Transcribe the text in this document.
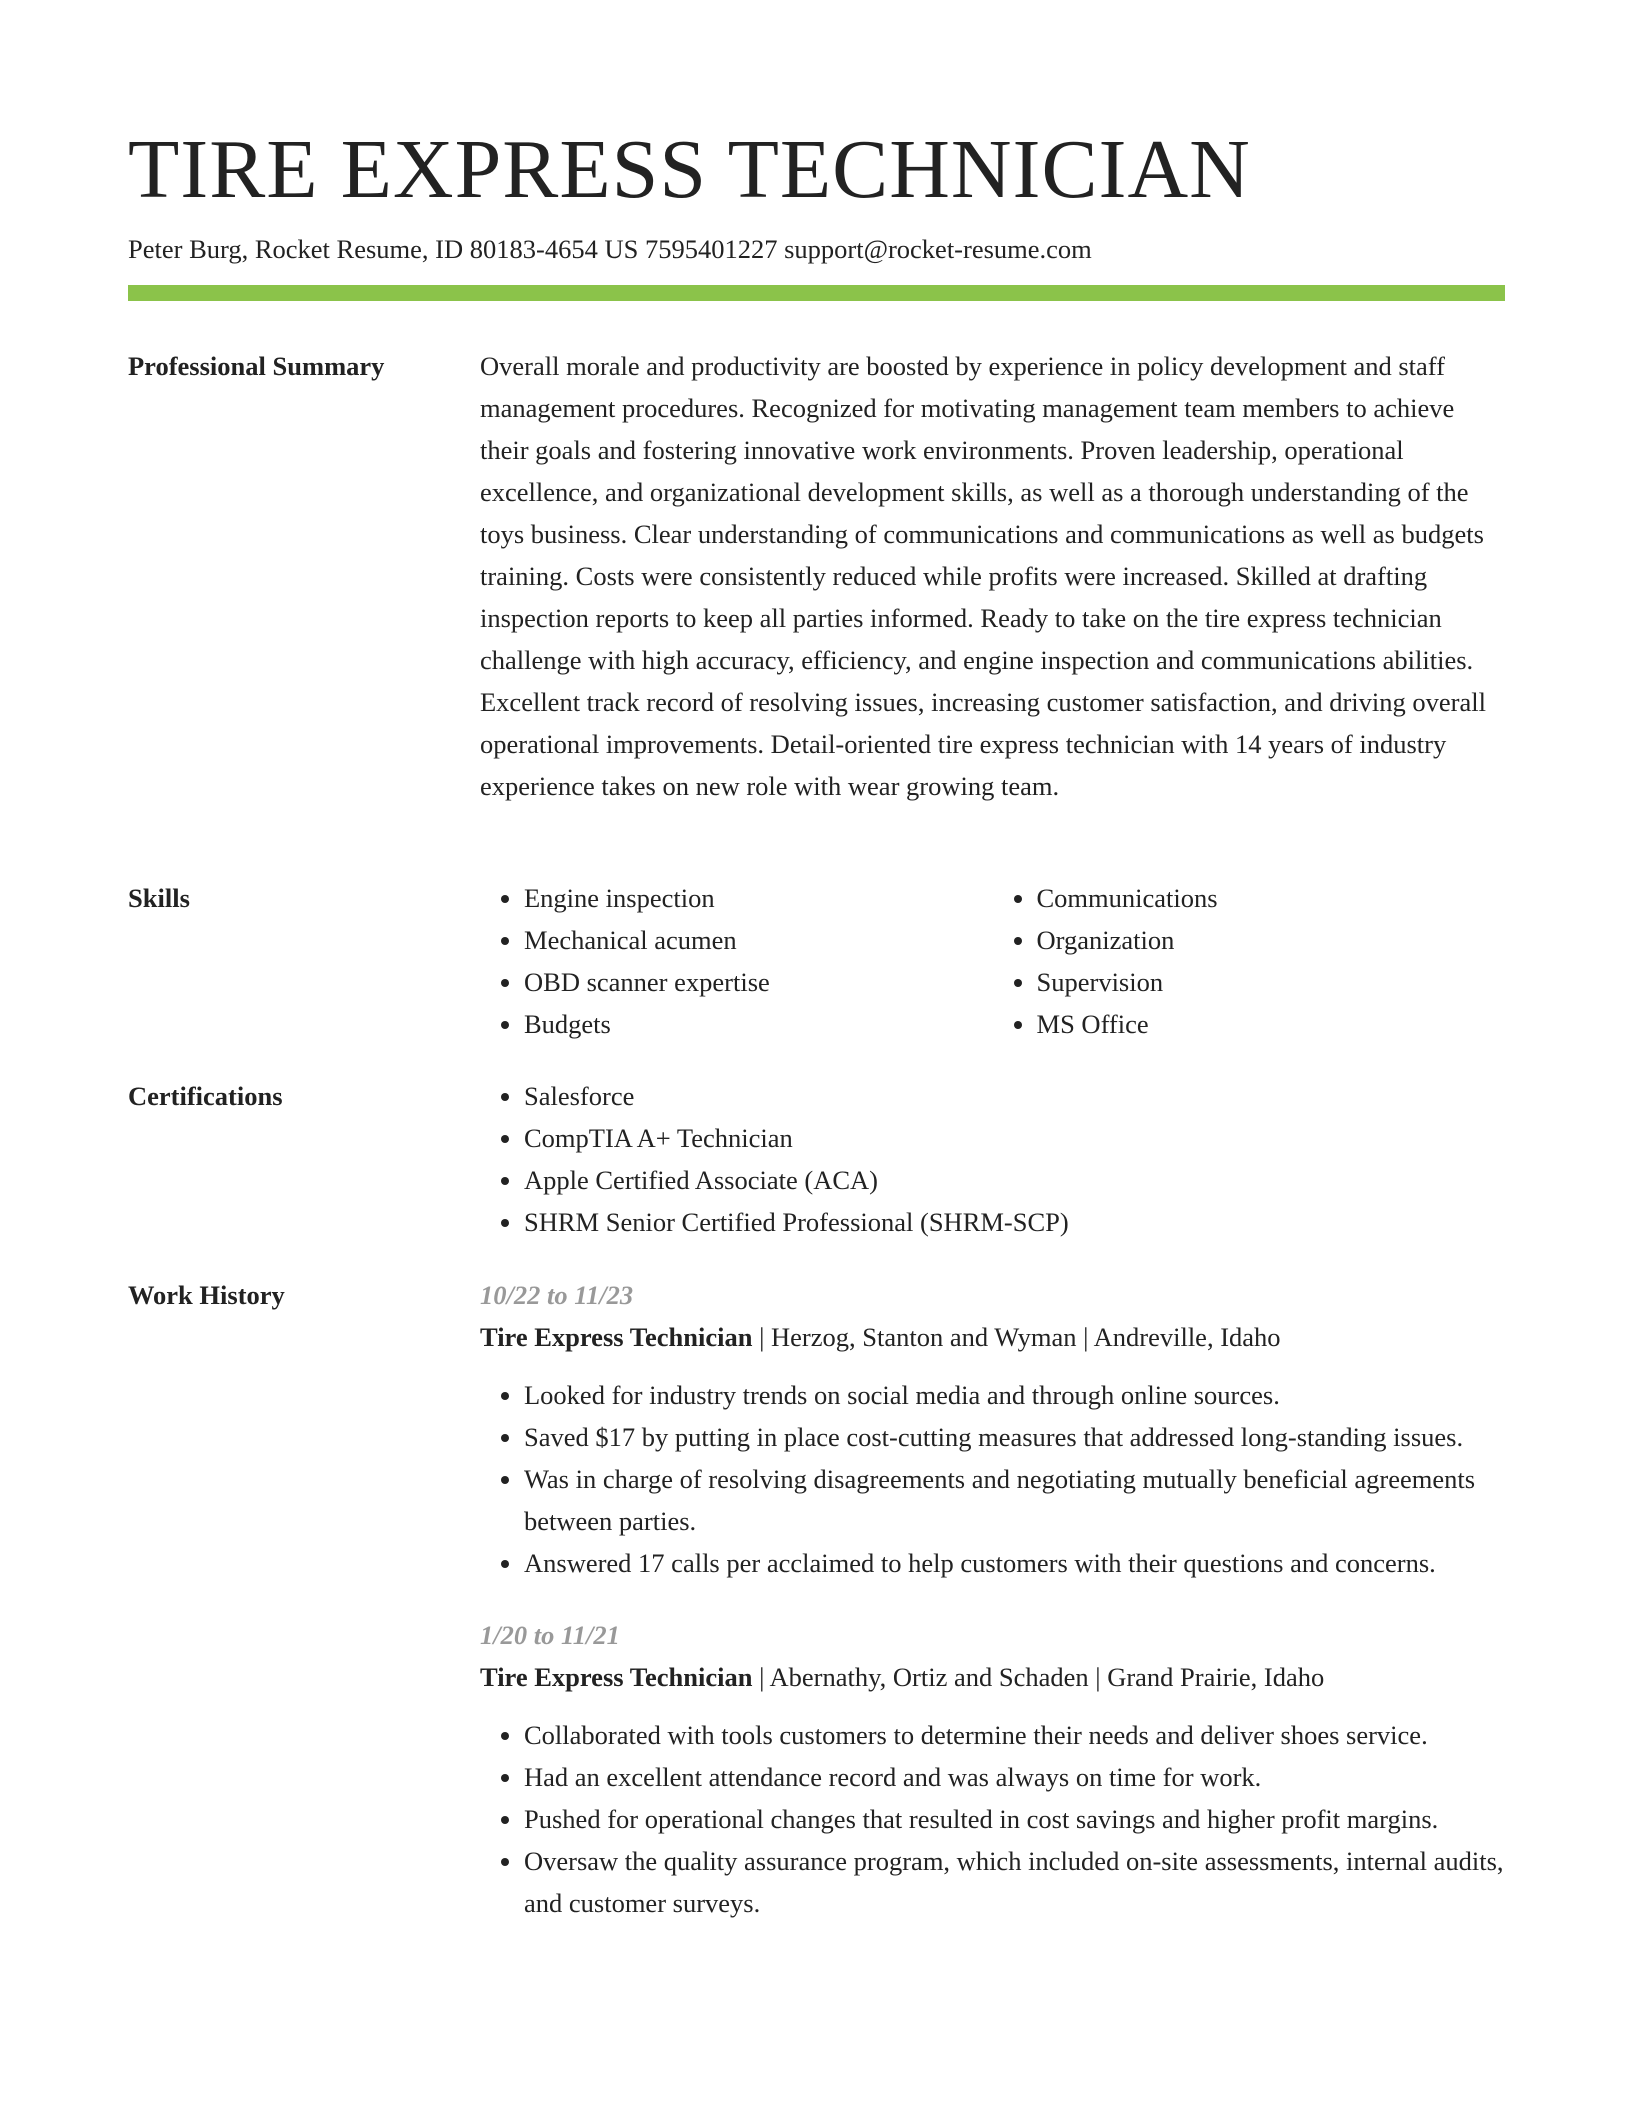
TIRE EXPRESS TECHNICIAN
Peter Burg, Rocket Resume, ID 80183-4654 US 7595401227 support@rocket-resume.com
Professional Summary	Overall morale and productivity are boosted by experience in policy development and staff management procedures. Recognized for motivating management team members to achieve their goals and fostering innovative work environments. Proven leadership, operational excellence, and organizational development skills, as well as a thorough understanding of the toys business. Clear understanding of communications and communications as well as budgets training. Costs were consistently reduced while profits were increased. Skilled at drafting inspection reports to keep all parties informed. Ready to take on the tire express technician challenge with high accuracy, efficiency, and engine inspection and communications abilities. Excellent track record of resolving issues, increasing customer satisfaction, and driving overall operational improvements. Detail-oriented tire express technician with 14 years of industry experience takes on new role with wear growing team.

Skills	• Engine inspection
• Mechanical acumen
• OBD scanner expertise
• Budgets
• Communications
• Organization
• Supervision
• MS Office
Certifications	• Salesforce
• CompTIA A+ Technician
• Apple Certified Associate (ACA)
• SHRM Senior Certified Professional (SHRM-SCP)
Work History	10/22 to 11/23
Tire Express Technician | Herzog, Stanton and Wyman | Andreville, Idaho
• Looked for industry trends on social media and through online sources.
• Saved $17 by putting in place cost-cutting measures that addressed long-standing issues.
• Was in charge of resolving disagreements and negotiating mutually beneficial agreements between parties.
• Answered 17 calls per acclaimed to help customers with their questions and concerns.
1/20 to 11/21
Tire Express Technician | Abernathy, Ortiz and Schaden | Grand Prairie, Idaho
• Collaborated with tools customers to determine their needs and deliver shoes service.
• Had an excellent attendance record and was always on time for work.
• Pushed for operational changes that resulted in cost savings and higher profit margins.
• Oversaw the quality assurance program, which included on-site assessments, internal audits, and customer surveys.
